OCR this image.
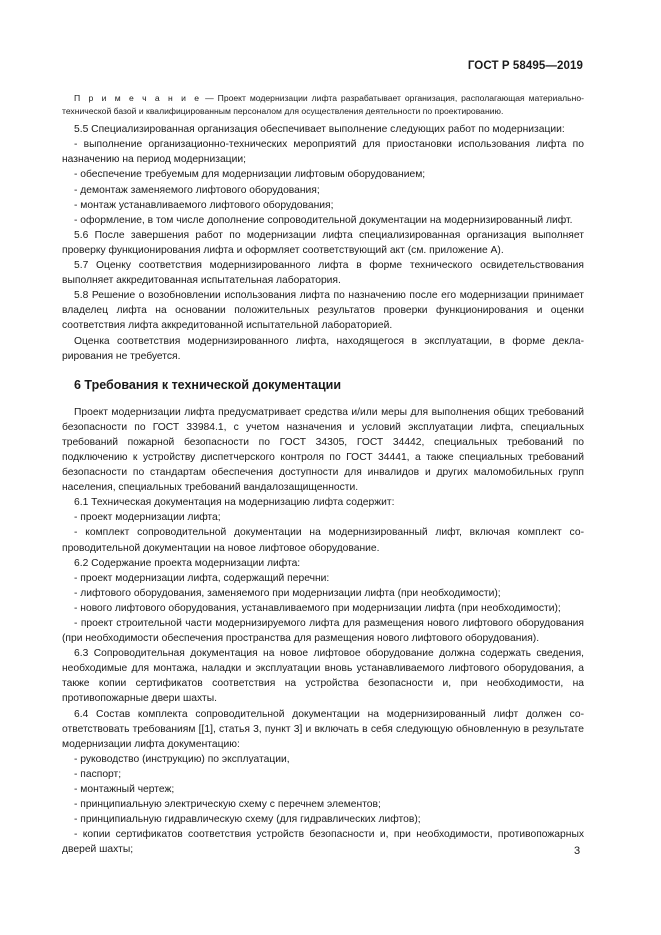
ГОСТ Р 58495—2019

П р и м е ч а н и е — Проект модернизации лифта разрабатывает организация, располагающая материально-технической базой и квалифицированным персоналом для осуществления деятельности по проектированию.

5.5 Специализированная организация обеспечивает выполнение следующих работ по модернизации:

- выполнение организационно-технических мероприятий для приостановки использования лифта по назначению на период модернизации;

- обеспечение требуемым для модернизации лифтовым оборудованием;

- демонтаж заменяемого лифтового оборудования;

- монтаж устанавливаемого лифтового оборудования;

- оформление, в том числе дополнение сопроводительной документации на модернизированный лифт.

5.6 После завершения работ по модернизации лифта специализированная организация выполняет проверку функционирования лифта и оформляет соответствующий акт (см. приложение А).

5.7 Оценку соответствия модернизированного лифта в форме технического освидетельствования выполняет аккредитованная испытательная лаборатория.

5.8 Решение о возобновлении использования лифта по назначению после его модернизации принимает владелец лифта на основании положительных результатов проверки функционирования и оценки соответствия лифта аккредитованной испытательной лабораторией.

Оценка соответствия модернизированного лифта, находящегося в эксплуатации, в форме декларирования не требуется.

6 Требования к технической документации

Проект модернизации лифта предусматривает средства и/или меры для выполнения общих требований безопасности по ГОСТ 33984.1, с учетом назначения и условий эксплуатации лифта, специальных требований пожарной безопасности по ГОСТ 34305, ГОСТ 34442, специальных требований по подключению к устройству диспетчерского контроля по ГОСТ 34441, а также специальных требований безопасности по стандартам обеспечения доступности для инвалидов и других маломобильных групп населения, специальных требований вандалозащищенности.

6.1 Техническая документация на модернизацию лифта содержит:

- проект модернизации лифта;

- комплект сопроводительной документации на модернизированный лифт, включая комплект сопроводительной документации на новое лифтовое оборудование.

6.2 Содержание проекта модернизации лифта:

- проект модернизации лифта, содержащий перечни:

- лифтового оборудования, заменяемого при модернизации лифта (при необходимости);

- нового лифтового оборудования, устанавливаемого при модернизации лифта (при необходимости);

- проект строительной части модернизируемого лифта для размещения нового лифтового оборудования (при необходимости обеспечения пространства для размещения нового лифтового оборудования).

6.3 Сопроводительная документация на новое лифтовое оборудование должна содержать сведения, необходимые для монтажа, наладки и эксплуатации вновь устанавливаемого лифтового оборудования, а также копии сертификатов соответствия на устройства безопасности и, при необходимости, на противопожарные двери шахты.

6.4 Состав комплекта сопроводительной документации на модернизированный лифт должен соответствовать требованиям [[1], статья 3, пункт 3] и включать в себя следующую обновленную в результате модернизации лифта документацию:

- руководство (инструкцию) по эксплуатации,

- паспорт;

- монтажный чертеж;

- принципиальную электрическую схему с перечнем элементов;

- принципиальную гидравлическую схему (для гидравлических лифтов);

- копии сертификатов соответствия устройств безопасности и, при необходимости, противопожарных дверей шахты;	3
